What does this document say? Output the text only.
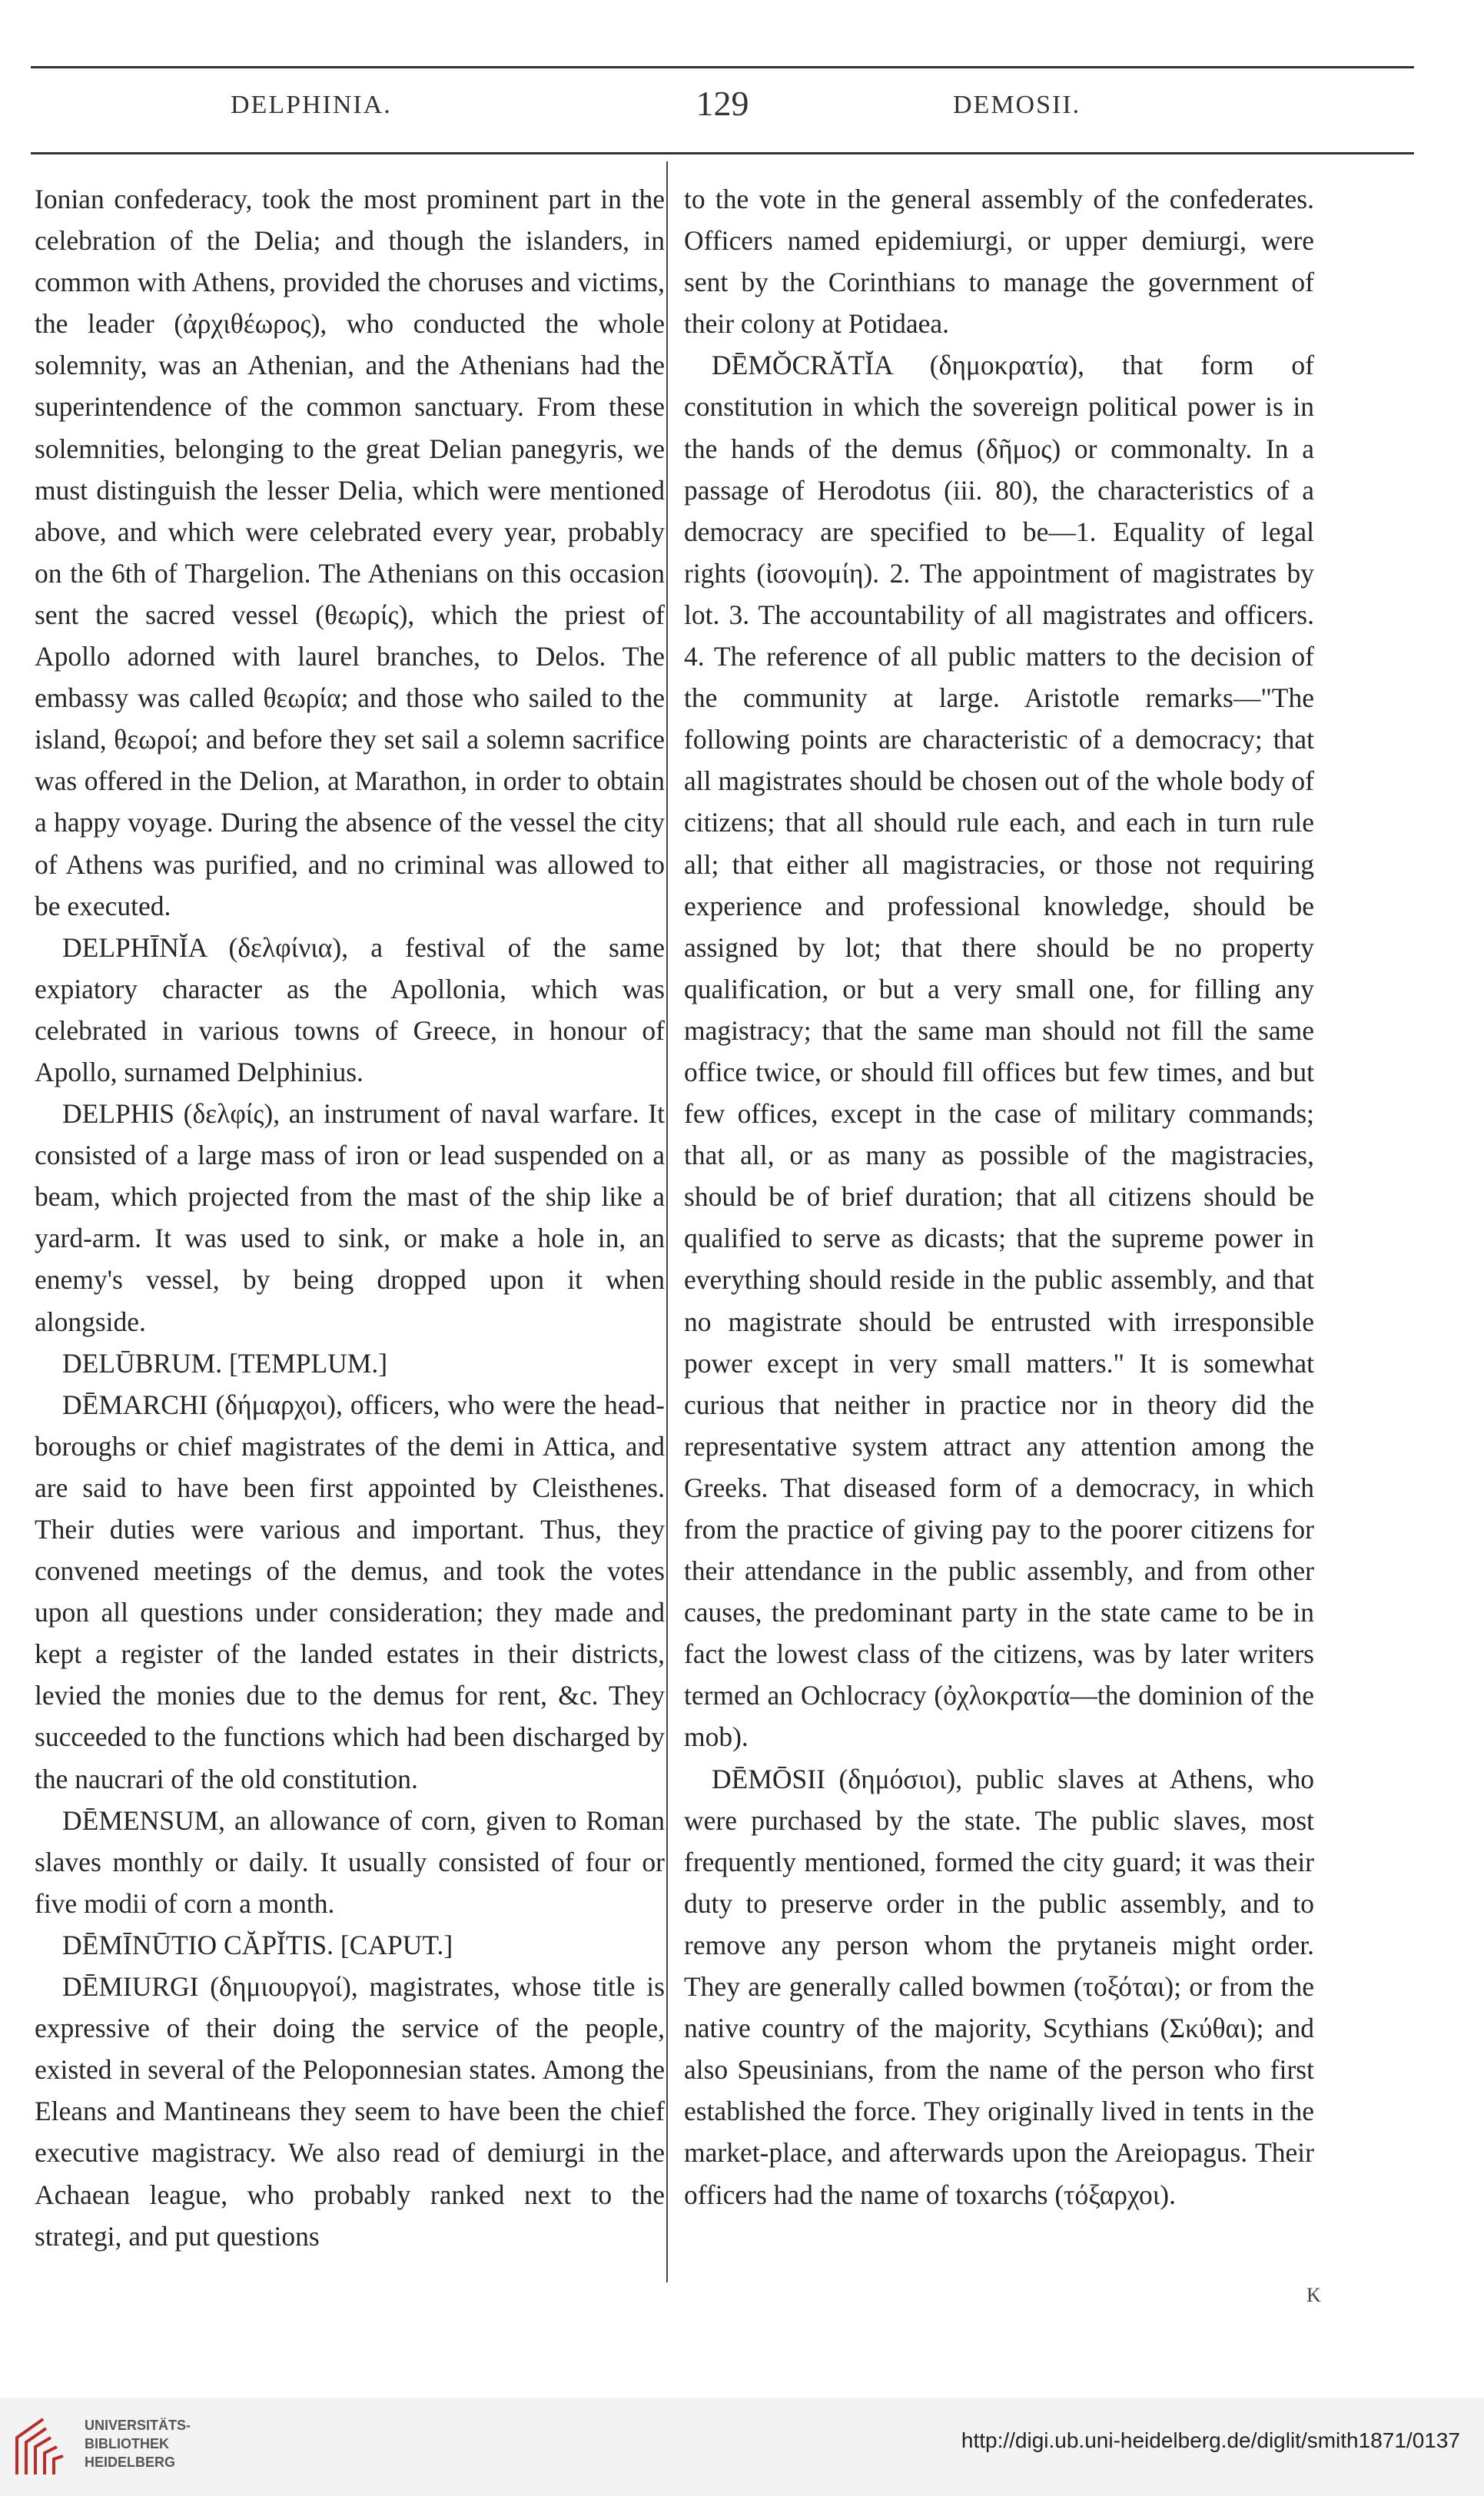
DELPHINIA.	129	DEMOSII.

Ionian confederacy, took the most prominent part in the celebration of the Delia; and though the islanders, in common with Athens, provided the choruses and victims, the leader (ἀρχιθέωρος), who conducted the whole solemnity, was an Athenian, and the Athenians had the superintendence of the common sanctuary. From these solemnities, belonging to the great Delian panegyris, we must distinguish the lesser Delia, which were mentioned above, and which were celebrated every year, probably on the 6th of Thargelion. The Athenians on this occasion sent the sacred vessel (θεωρίς), which the priest of Apollo adorned with laurel branches, to Delos. The embassy was called θεωρία; and those who sailed to the island, θεωροί; and before they set sail a solemn sacrifice was offered in the Delion, at Marathon, in order to obtain a happy voyage. During the absence of the vessel the city of Athens was purified, and no criminal was allowed to be executed.

DELPHĪNĬA (δελφίνια), a festival of the same expiatory character as the Apollonia, which was celebrated in various towns of Greece, in honour of Apollo, surnamed Delphinius.

DELPHIS (δελφίς), an instrument of naval warfare. It consisted of a large mass of iron or lead suspended on a beam, which projected from the mast of the ship like a yard-arm. It was used to sink, or make a hole in, an enemy's vessel, by being dropped upon it when alongside.

DELŪBRUM. [TEMPLUM.]

DĒMARCHI (δήμαρχοι), officers, who were the head-boroughs or chief magistrates of the demi in Attica, and are said to have been first appointed by Cleisthenes. Their duties were various and important. Thus, they convened meetings of the demus, and took the votes upon all questions under consideration; they made and kept a register of the landed estates in their districts, levied the monies due to the demus for rent, &c. They succeeded to the functions which had been discharged by the naucrari of the old constitution.

DĒMENSUM, an allowance of corn, given to Roman slaves monthly or daily. It usually consisted of four or five modii of corn a month.

DĒMĪNŪTIO CĂPĬTIS. [CAPUT.]

DĒMIURGI (δημιουργοί), magistrates, whose title is expressive of their doing the service of the people, existed in several of the Peloponnesian states. Among the Eleans and Mantineans they seem to have been the chief executive magistracy. We also read of demiurgi in the Achaean league, who probably ranked next to the strategi, and put questions

to the vote in the general assembly of the confederates. Officers named epidemiurgi, or upper demiurgi, were sent by the Corinthians to manage the government of their colony at Potidaea.

DĒMŎCRĂTĬA (δημοκρατία), that form of constitution in which the sovereign political power is in the hands of the demus (δῆμος) or commonalty. In a passage of Herodotus (iii. 80), the characteristics of a democracy are specified to be—1. Equality of legal rights (ἰσονομίη). 2. The appointment of magistrates by lot. 3. The accountability of all magistrates and officers. 4. The reference of all public matters to the decision of the community at large. Aristotle remarks—"The following points are characteristic of a democracy; that all magistrates should be chosen out of the whole body of citizens; that all should rule each, and each in turn rule all; that either all magistracies, or those not requiring experience and professional knowledge, should be assigned by lot; that there should be no property qualification, or but a very small one, for filling any magistracy; that the same man should not fill the same office twice, or should fill offices but few times, and but few offices, except in the case of military commands; that all, or as many as possible of the magistracies, should be of brief duration; that all citizens should be qualified to serve as dicasts; that the supreme power in everything should reside in the public assembly, and that no magistrate should be entrusted with irresponsible power except in very small matters." It is somewhat curious that neither in practice nor in theory did the representative system attract any attention among the Greeks. That diseased form of a democracy, in which from the practice of giving pay to the poorer citizens for their attendance in the public assembly, and from other causes, the predominant party in the state came to be in fact the lowest class of the citizens, was by later writers termed an Ochlocracy (ὀχλοκρατία—the dominion of the mob).

DĒMŌSII (δημόσιοι), public slaves at Athens, who were purchased by the state. The public slaves, most frequently mentioned, formed the city guard; it was their duty to preserve order in the public assembly, and to remove any person whom the prytaneis might order. They are generally called bowmen (τοξόται); or from the native country of the majority, Scythians (Σκύθαι); and also Speusinians, from the name of the person who first established the force. They originally lived in tents in the market-place, and afterwards upon the Areiopagus. Their officers had the name of toxarchs (τόξαρχοι).

K
UNIVERSITÄTS-
BIBLIOTHEK
HEIDELBERG
http://digi.ub.uni-heidelberg.de/diglit/smith1871/0137
